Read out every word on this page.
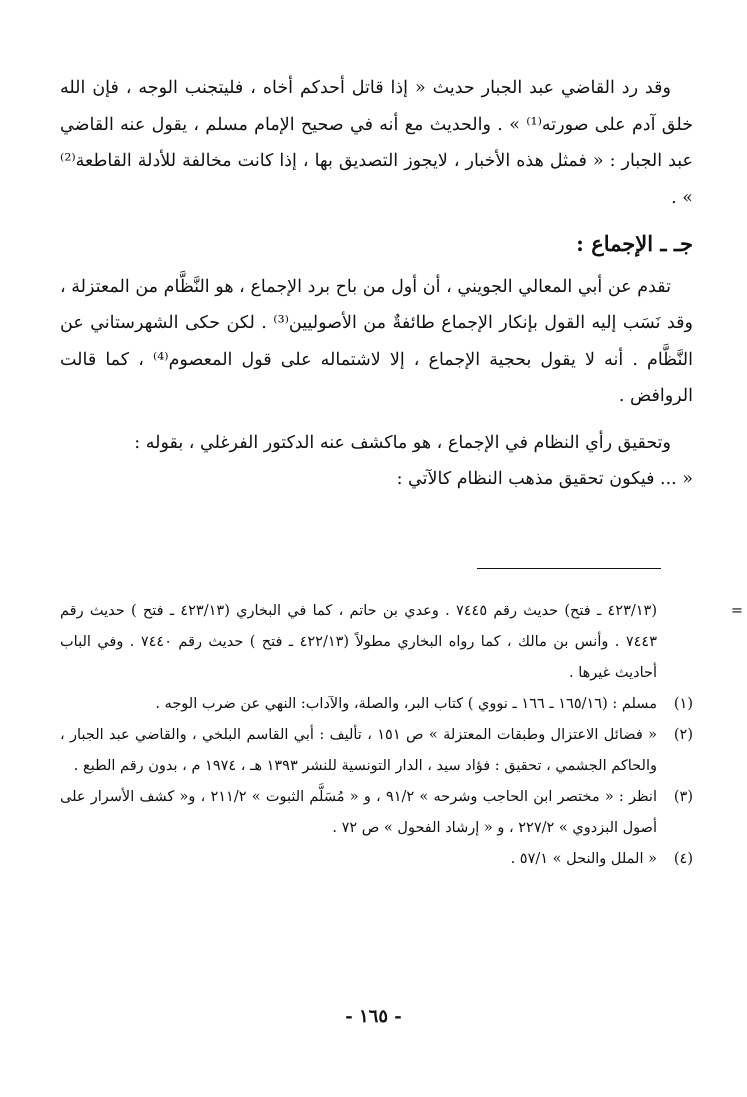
وقد رد القاضي عبد الجبار حديث « إذا قاتل أحدكم أخاه ، فليتجنب الوجه ، فإن الله خلق آدم على صورته⁽¹⁾ » . والحديث مع أنه في صحيح الإمام مسلم ، يقول عنه القاضي عبد الجبار : « فمثل هذه الأخبار ، لايجوز التصديق بها ، إذا كانت مخالفة للأدلة القاطعة⁽²⁾ » .

جـ ـ الإجماع :

تقدم عن أبي المعالي الجويني ، أن أول من باح برد الإجماع ، هو النَّظَّام من المعتزلة ، وقد نَسَب إليه القول بإنكار الإجماع طائفةٌ من الأصوليين⁽³⁾ . لكن حكى الشهرستاني عن النَّظَّام . أنه لا يقول بحجية الإجماع ، إلا لاشتماله على قول المعصوم⁽⁴⁾ ، كما قالت الروافض .

وتحقيق رأي النظام في الإجماع ، هو ماكشف عنه الدكتور الفرغلي ، بقوله :

« ... فيكون تحقيق مذهب النظام كالآتي :

=
(٤٢٣/١٣ ـ فتح) حديث رقم ٧٤٤٥ . وعدي بن حاتم ، كما في البخاري (٤٢٣/١٣ ـ فتح ) حديث رقم ٧٤٤٣ . وأنس بن مالك ، كما رواه البخاري مطولاً (٤٢٢/١٣ ـ فتح ) حديث رقم ٧٤٤٠ . وفي الباب أحاديث غيرها .

(١)
مسلم : (١٦٥/١٦ ـ ١٦٦ ـ نووي ) كتاب البر، والصلة، والآداب: النهي عن ضرب الوجه .

(٢)
« فضائل الاعتزال وطبقات المعتزلة » ص ١٥١ ، تأليف : أبي القاسم البلخي ، والقاضي عبد الجبار ، والحاكم الجشمي ، تحقيق : فؤاد سيد ، الدار التونسية للنشر ١٣٩٣ هـ ، ١٩٧٤ م ، بدون رقم الطبع .

(٣)
انظر : « مختصر ابن الحاجب وشرحه » ٩١/٢ ، و « مُسَلَّم الثبوت » ٢١١/٢ ، و« كشف الأسرار على أصول البزدوي » ٢٢٧/٢ ، و « إرشاد الفحول » ص ٧٢ .

(٤)
« الملل والنحل » ٥٧/١ .

- ١٦٥ -
